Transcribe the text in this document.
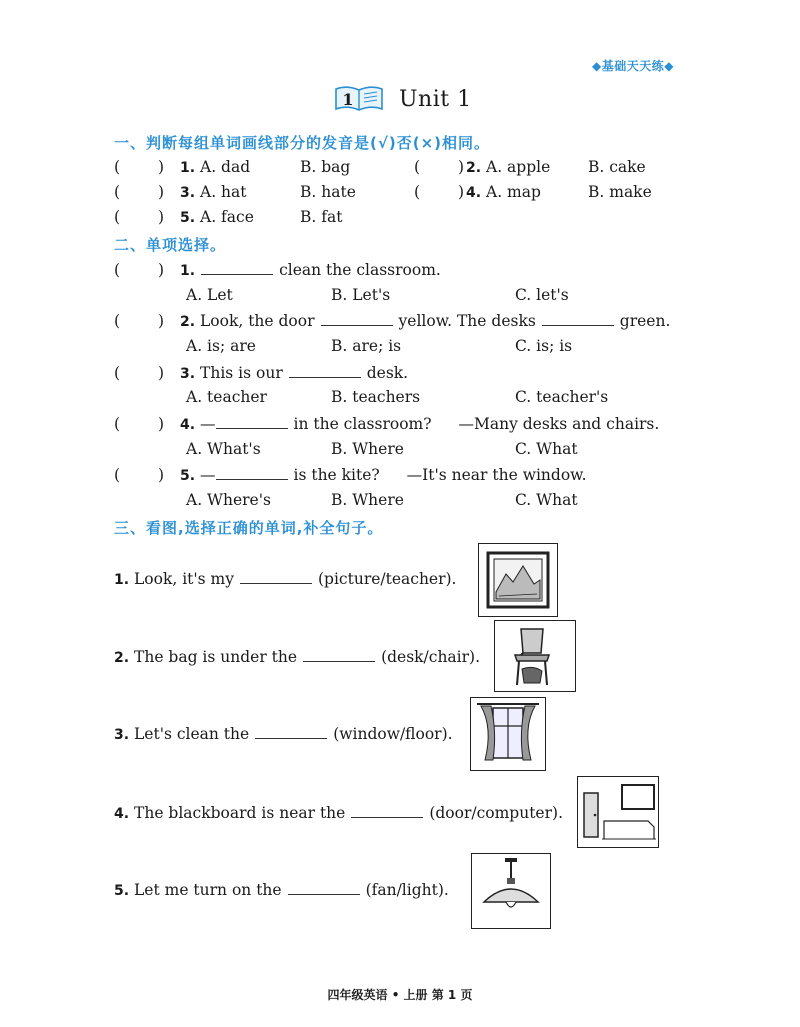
◆基础天天练◆
1 Unit 1
一、判断每组单词画线部分的发音是(√)否(×)相同。
( ) 1. A. dad	B. bag	( ) 2. A. apple B. cake
( ) 3. A. hat	B. hate	( ) 4. A. map	B. make
( ) 5. A. face	B. fat
二、单项选择。
( ) 1.	clean the classroom.
A. Let	B. Let's	C. let's
( ) 2. Look, the door	yellow. The desks	green.
A. is; are	B. are; is	C. is; is
( ) 3. This is our	desk.
A. teacher	B. teachers	C. teacher's
( ) 4. —	in the classroom? —Many desks and chairs.
A. What's	B. Where	C. What
( ) 5. —	is the kite? —It's near the window.
A. Where's	B. Where	C. What
三、看图,选择正确的单词,补全句子。
1. Look, it's my	(picture/teacher).
2. The bag is under the	(desk/chair).
3. Let's clean the	(window/floor).
4. The blackboard is near the	(door/computer).
5. Let me turn on the	(fan/light).
四年级英语 • 上册 第 1 页
